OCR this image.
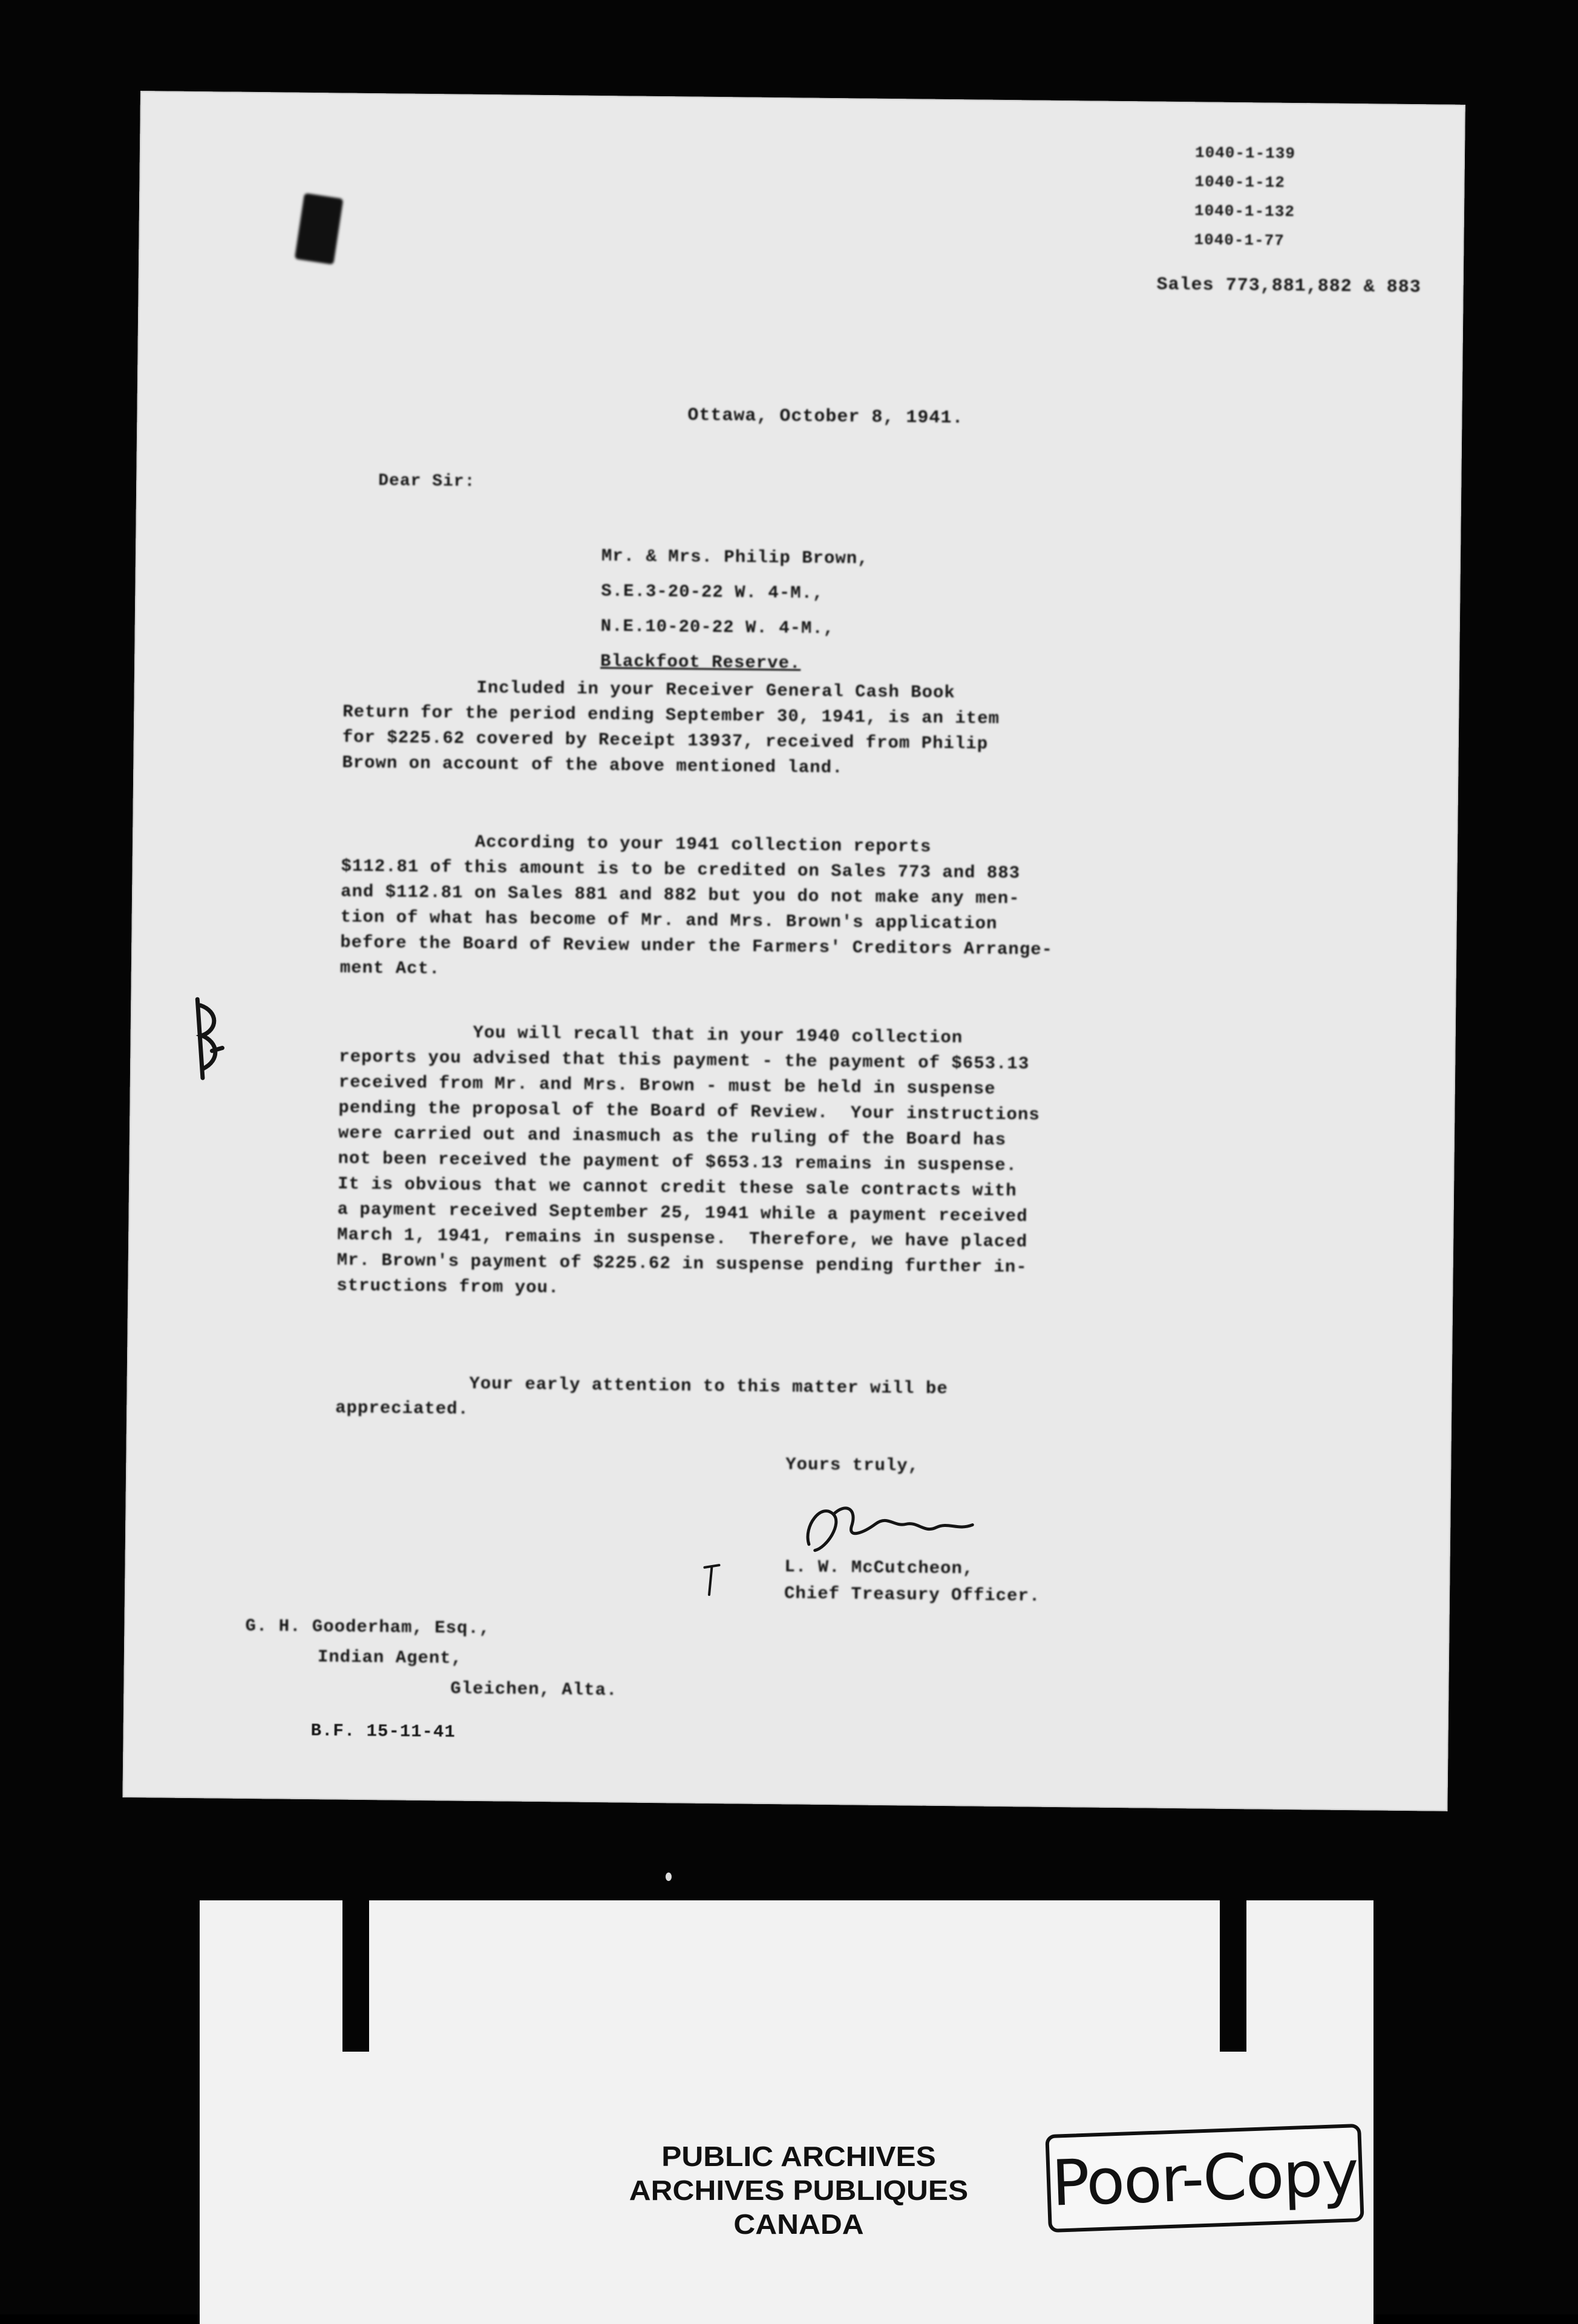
1040-1-139
1040-1-12
1040-1-132
1040-1-77
Sales 773,881,882 & 883
Ottawa, October 8, 1941.
Dear Sir:
Mr. & Mrs. Philip Brown,
S.E.3-20-22 W. 4-M.,
N.E.10-20-22 W. 4-M.,
Blackfoot Reserve.
Included in your Receiver General Cash Book
Return for the period ending September 30, 1941, is an item
for $225.62 covered by Receipt 13937, received from Philip
Brown on account of the above mentioned land.
According to your 1941 collection reports
$112.81 of this amount is to be credited on Sales 773 and 883
and $112.81 on Sales 881 and 882 but you do not make any men-
tion of what has become of Mr. and Mrs. Brown's application
before the Board of Review under the Farmers' Creditors Arrange-
ment Act.
You will recall that in your 1940 collection
reports you advised that this payment - the payment of $653.13
received from Mr. and Mrs. Brown - must be held in suspense
pending the proposal of the Board of Review.  Your instructions
were carried out and inasmuch as the ruling of the Board has
not been received the payment of $653.13 remains in suspense.
It is obvious that we cannot credit these sale contracts with
a payment received September 25, 1941 while a payment received
March 1, 1941, remains in suspense.  Therefore, we have placed
Mr. Brown's payment of $225.62 in suspense pending further in-
structions from you.
Your early attention to this matter will be
appreciated.
Yours truly,
L. W. McCutcheon,
Chief Treasury Officer.
G. H. Gooderham, Esq.,
Indian Agent,
Gleichen, Alta.
B.F. 15-11-41
PUBLIC ARCHIVES
ARCHIVES PUBLIQUES
CANADA
Poor-Copy
